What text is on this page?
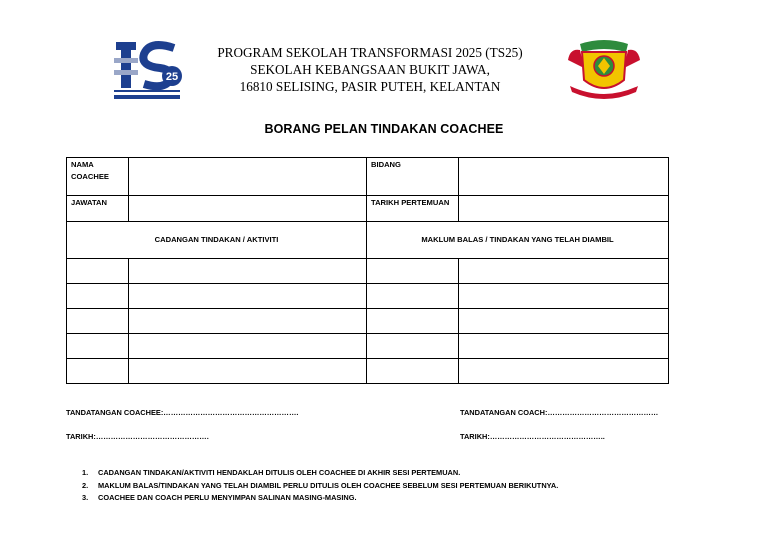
25
PROGRAM SEKOLAH TRANSFORMASI 2025 (TS25)
SEKOLAH KEBANGSAAN BUKIT JAWA,
16810 SELISING, PASIR PUTEH, KELANTAN
BORANG PELAN TINDAKAN COACHEE
NAMA COACHEE		BIDANG	
JAWATAN		TARIKH PERTEMUAN	
CADANGAN TINDAKAN / AKTIVITI		MAKLUM BALAS / TINDAKAN YANG TELAH DIAMBIL	

TANDATANGAN COACHEE:……………………………………………….	TANDATANGAN COACH:………………………………………
TARIKH:……………………………………….	TARIKH:………………………………………..
1. CADANGAN TINDAKAN/AKTIVITI HENDAKLAH DITULIS OLEH COACHEE DI AKHIR SESI PERTEMUAN.
2. MAKLUM BALAS/TINDAKAN YANG TELAH DIAMBIL PERLU DITULIS OLEH COACHEE SEBELUM SESI PERTEMUAN BERIKUTNYA.
3. COACHEE DAN COACH PERLU MENYIMPAN SALINAN MASING-MASING.
